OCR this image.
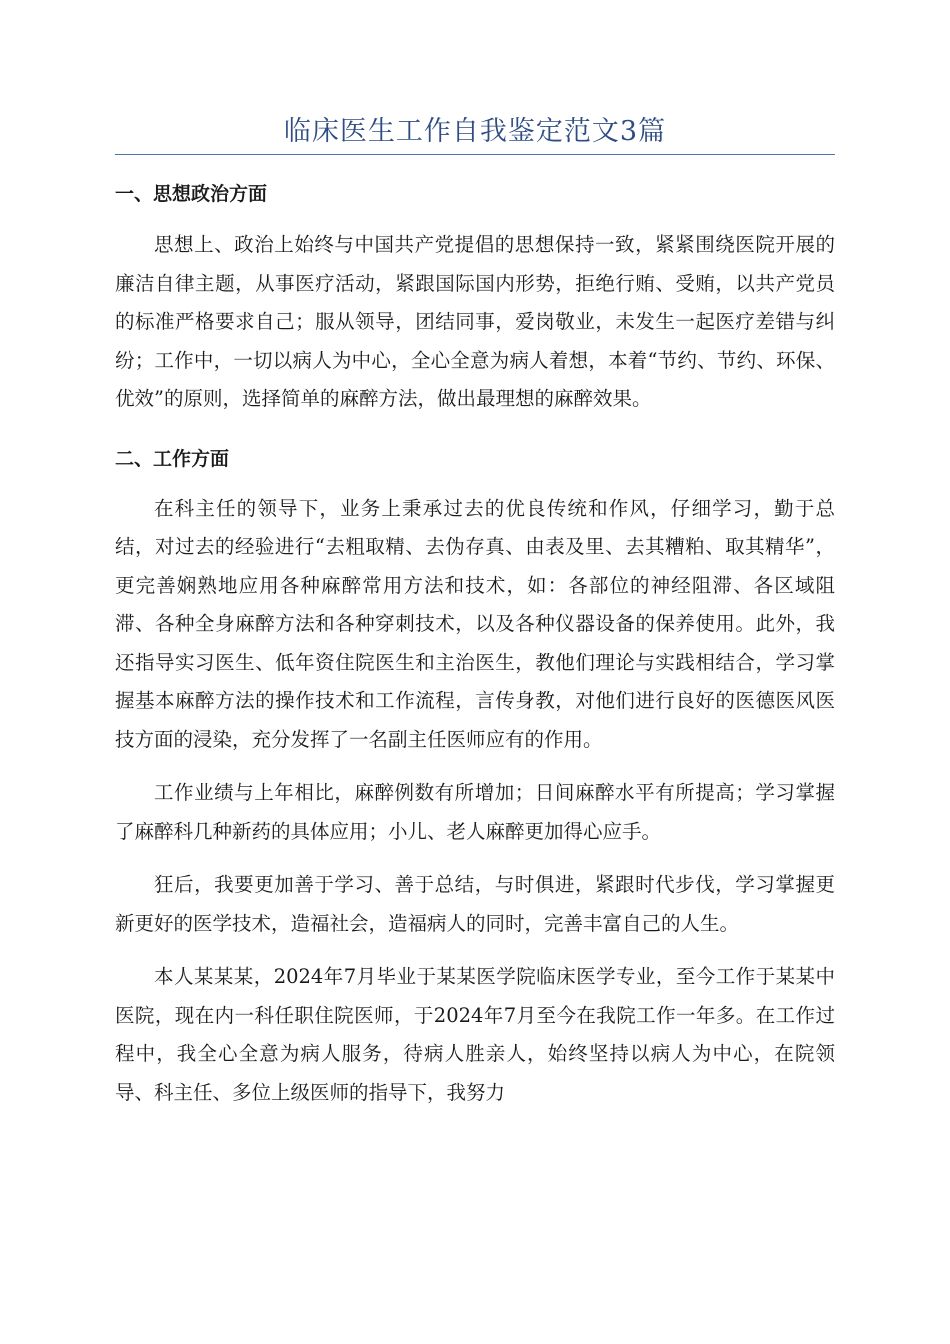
临床医生工作自我鉴定范文3篇
一、思想政治方面

思想上、政治上始终与中国共产党提倡的思想保持一致，紧紧围绕医院开展的廉洁自律主题，从事医疗活动，紧跟国际国内形势，拒绝行贿、受贿，以共产党员的标准严格要求自己；服从领导，团结同事，爱岗敬业，未发生一起医疗差错与纠纷；工作中，一切以病人为中心，全心全意为病人着想，本着“节约、节约、环保、优效”的原则，选择简单的麻醉方法，做出最理想的麻醉效果。

二、工作方面

在科主任的领导下，业务上秉承过去的优良传统和作风，仔细学习，勤于总结，对过去的经验进行“去粗取精、去伪存真、由表及里、去其糟粕、取其精华”，更完善娴熟地应用各种麻醉常用方法和技术，如：各部位的神经阻滞、各区域阻滞、各种全身麻醉方法和各种穿刺技术，以及各种仪器设备的保养使用。此外，我还指导实习医生、低年资住院医生和主治医生，教他们理论与实践相结合，学习掌握基本麻醉方法的操作技术和工作流程，言传身教，对他们进行良好的医德医风医技方面的浸染，充分发挥了一名副主任医师应有的作用。

工作业绩与上年相比，麻醉例数有所增加；日间麻醉水平有所提高；学习掌握了麻醉科几种新药的具体应用；小儿、老人麻醉更加得心应手。

狂后，我要更加善于学习、善于总结，与时俱进，紧跟时代步伐，学习掌握更新更好的医学技术，造福社会，造福病人的同时，完善丰富自己的人生。

本人某某某，2024年7月毕业于某某医学院临床医学专业，至今工作于某某中医院，现在内一科任职住院医师，于2024年7月至今在我院工作一年多。在工作过程中，我全心全意为病人服务，待病人胜亲人，始终坚持以病人为中心，在院领导、科主任、多位上级医师的指导下，我努力
